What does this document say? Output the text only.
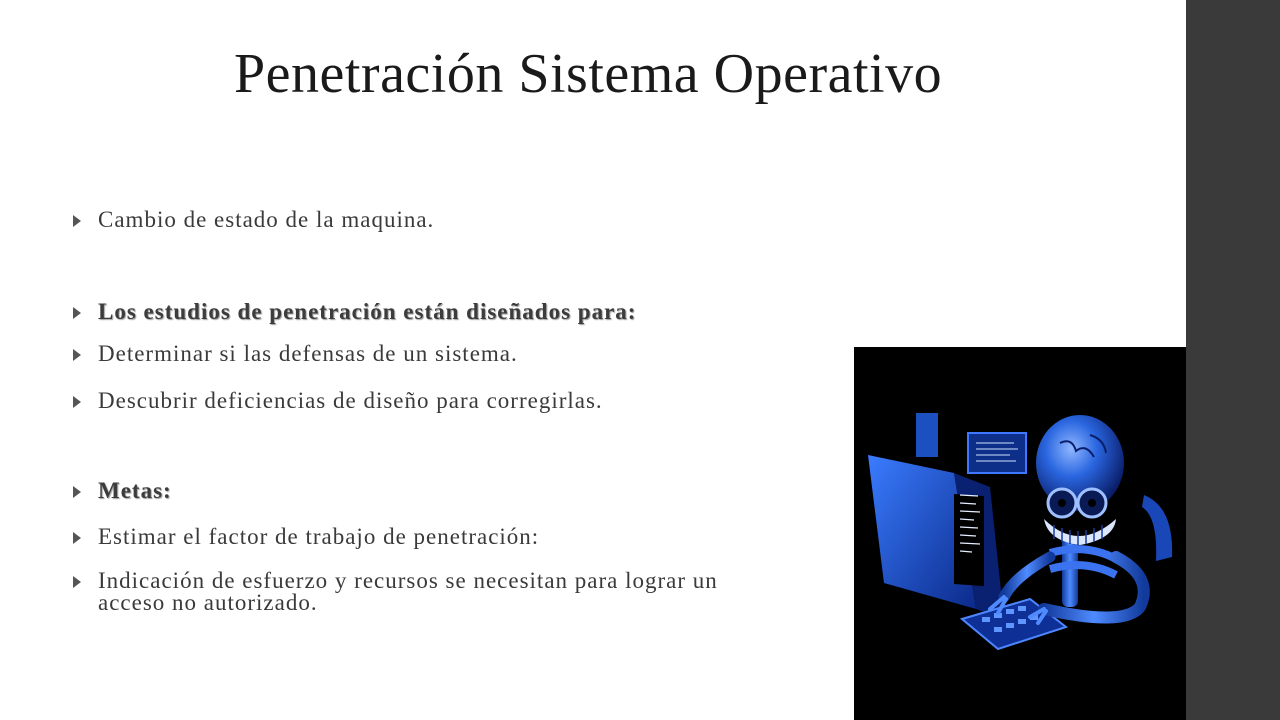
Penetración Sistema Operativo
Cambio de estado de la maquina.
Los estudios de penetración están diseñados para:
Determinar si las defensas de un sistema.
Descubrir deficiencias de diseño para corregirlas.
Metas:
Estimar el factor de trabajo de penetración:
Indicación de esfuerzo y recursos se necesitan para lograr un acceso no autorizado.
